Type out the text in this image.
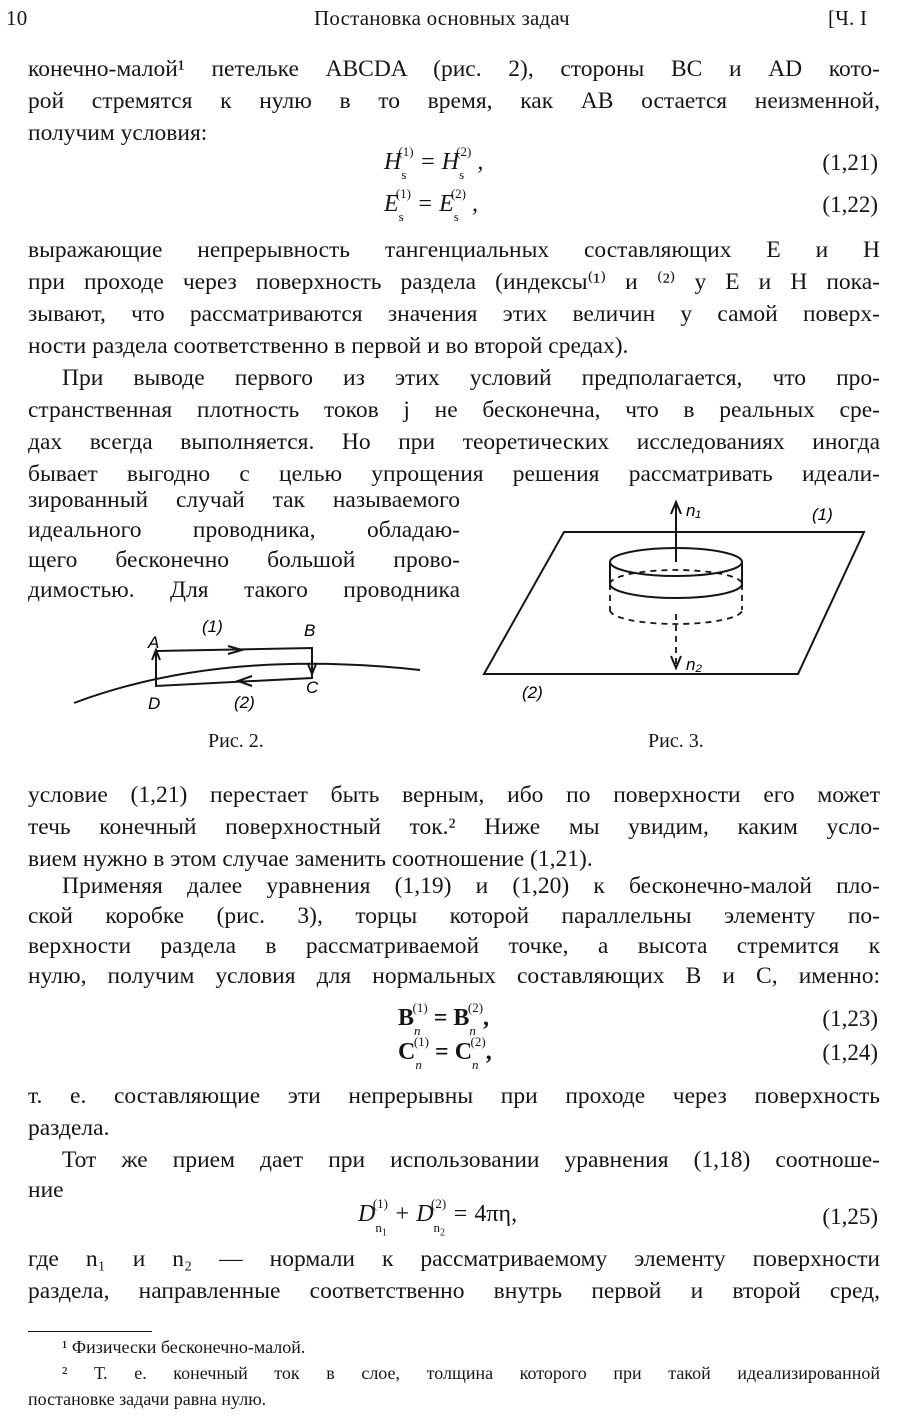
10	Постановка основных задач	[Ч. I
конечно-малой¹ петельке ABCDA (рис. 2), стороны BC и AD кото-
рой стремятся к нулю в то время, как AB остается неизменной,
получим условия:
$H_s^{(1)} = H_s^{(2)}$ ,	(1,21)
$E_s^{(1)} = E_s^{(2)}$ ,	(1,22)
выражающие непрерывность тангенциальных составляющих E и H
при проходе через поверхность раздела (индексы⁽¹⁾ и ⁽²⁾ у E и H пока-
зывают, что рассматриваются значения этих величин у самой поверх-
ности раздела соответственно в первой и во второй средах).
При выводе первого из этих условий предполагается, что про-
странственная плотность токов j не бесконечна, что в реальных сре-
дах всегда выполняется. Но при теоретических исследованиях иногда
бывает выгодно с целью упрощения решения рассматривать идеали-
зированный случай так называемого
идеального проводника, обладаю-
щего бесконечно большой прово-
димостью. Для такого проводника
A
B
C
D
(1)
(2)
Рис. 2.
n₁
n₂
(1)
(2)
Рис. 3.
условие (1,21) перестает быть верным, ибо по поверхности его может
течь конечный поверхностный ток.² Ниже мы увидим, каким усло-
вием нужно в этом случае заменить соотношение (1,21).
Применяя далее уравнения (1,19) и (1,20) к бесконечно-малой пло-
ской коробке (рис. 3), торцы которой параллельны элементу по-
верхности раздела в рассматриваемой точке, а высота стремится к
нулю, получим условия для нормальных составляющих B и C, именно:
$B_n^{(1)} = B_n^{(2)}$,	(1,23)
$C_n^{(1)} = C_n^{(2)}$,	(1,24)
т. е. составляющие эти непрерывны при проходе через поверхность
раздела.
Тот же прием дает при использовании уравнения (1,18) соотноше-
ние
$D_{n_1}^{(1)} + D_{n_2}^{(2)} = 4\pi\eta$,	(1,25)
где n₁ и n₂ — нормали к рассматриваемому элементу поверхности
раздела, направленные соответственно внутрь первой и второй сред,
¹ Физически бесконечно-малой.
² Т. е. конечный ток в слое, толщина которого при такой идеализированной
постановке задачи равна нулю.
